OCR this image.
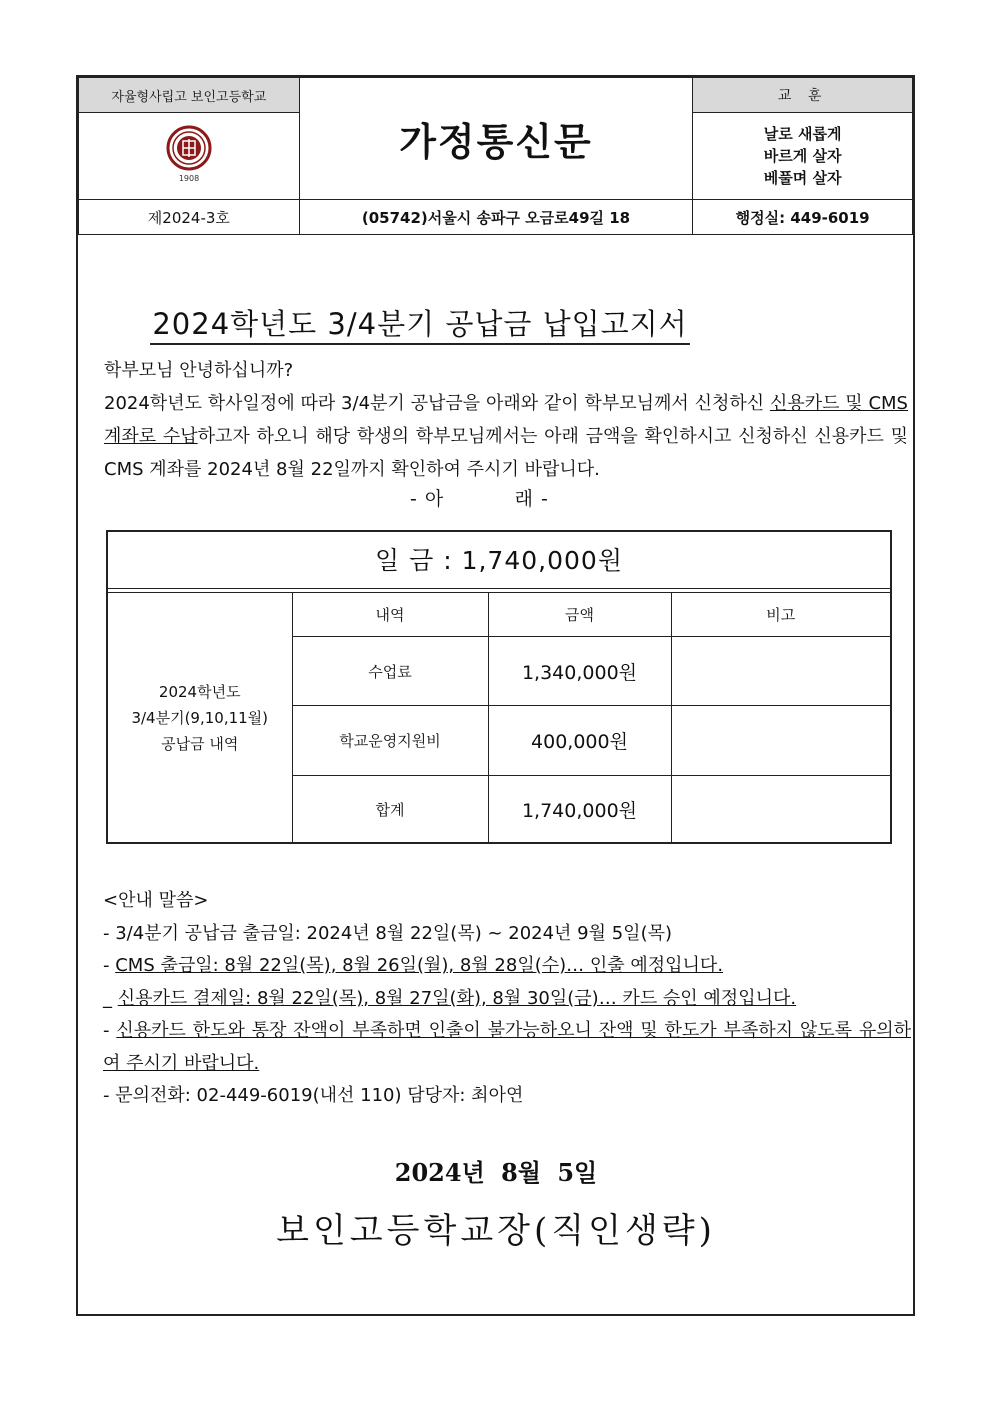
자율형사립고 보인고등학교	가정통신문	교 훈

1908		날로 새롭게
바르게 살자
베풀며 살자

제2024-3호	(05742)서울시 송파구 오금로49길 18	행정실: 449-6019
2024학년도 3/4분기 공납금 납입고지서
학부모님 안녕하십니까?
2024학년도 학사일정에 따라 3/4분기 공납금을 아래와 같이 학부모님께서 신청하신 신용카드 및 CMS 계좌로 수납하고자 하오니 해당 학생의 학부모님께서는 아래 금액을 확인하시고 신청하신 신용카드 및 CMS 계좌를 2024년 8월 22일까지 확인하여 주시기 바랍니다.
- 아          래 -
일 금 : 1,740,000원
2024학년도
3/4분기(9,10,11월)
공납금 내역	내역	금액	비고
	수업료	1,340,000원	
	학교운영지원비	400,000원	
	합계	1,740,000원	
<안내 말씀>
- 3/4분기 공납금 출금일: 2024년 8월 22일(목) ~ 2024년 9월 5일(목)
- CMS 출금일: 8월 22일(목), 8월 26일(월), 8월 28일(수)… 인출 예정입니다.
_ 신용카드 결제일: 8월 22일(목), 8월 27일(화), 8월 30일(금)… 카드 승인 예정입니다.
- 신용카드 한도와 통장 잔액이 부족하면 인출이 불가능하오니 잔액 및 한도가 부족하지 않도록 유의하여 주시기 바랍니다.
- 문의전화: 02-449-6019(내선 110) 담당자: 최아연
2024년 8월 5일
보인고등학교장(직인생략)
